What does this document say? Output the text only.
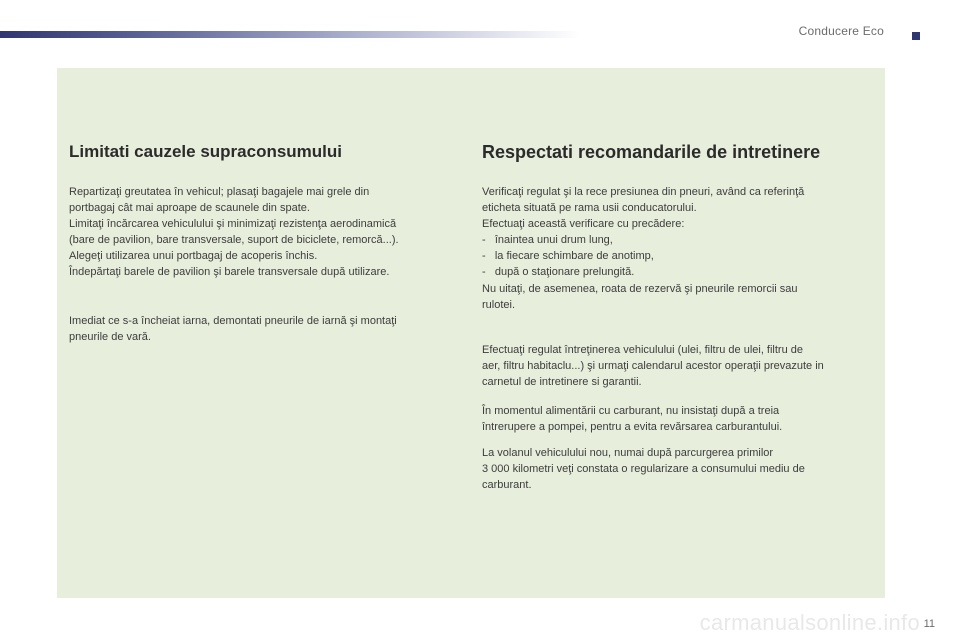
Conducere Eco
Limitati cauzele supraconsumului

Repartizaţi greutatea în vehicul; plasaţi bagajele mai grele din

portbagaj cât mai aproape de scaunele din spate.

Limitaţi încărcarea vehiculului şi minimizaţi rezistenţa aerodinamică

(bare de pavilion, bare transversale, suport de biciclete, remorcă...).

Alegeţi utilizarea unui portbagaj de acoperis închis.

Îndepărtaţi barele de pavilion şi barele transversale după utilizare.

Imediat ce s-a încheiat iarna, demontati pneurile de iarnă şi montaţi

pneurile de vară.

Respectati recomandarile de intretinere

Verificaţi regulat şi la rece presiunea din pneuri, având ca referinţă

eticheta situată pe rama usii conducatorului.

Efectuaţi această verificare cu precădere:

-   înaintea unui drum lung,

-   la fiecare schimbare de anotimp,

-   după o staţionare prelungită.

Nu uitaţi, de asemenea, roata de rezervă şi pneurile remorcii sau

rulotei.

Efectuaţi regulat întreţinerea vehiculului (ulei, filtru de ulei, filtru de

aer, filtru habitaclu...) şi urmaţi calendarul acestor operaţii prevazute in

carnetul de intretinere si garantii.

În momentul alimentării cu carburant, nu insistaţi după a treia

întrerupere a pompei, pentru a evita revărsarea carburantului.

La volanul vehiculului nou, numai după parcurgerea primilor

3 000 kilometri veţi constata o regularizare a consumului mediu de

carburant.

carmanualsonline.info 11
